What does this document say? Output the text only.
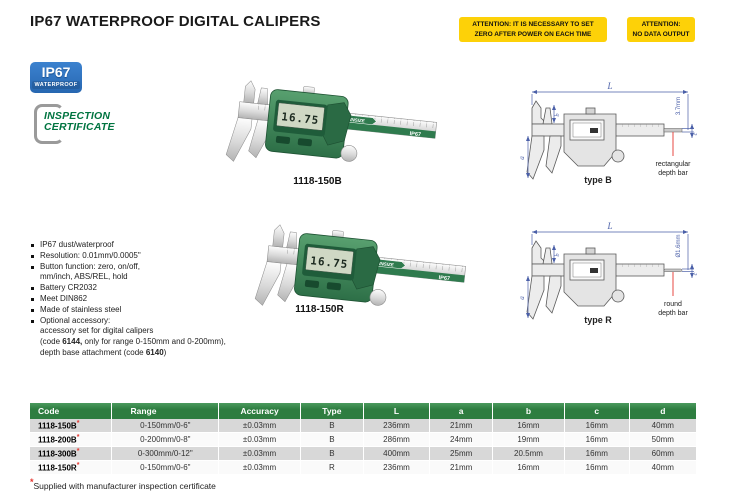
IP67 WATERPROOF DIGITAL CALIPERS	ATTENTION: IT IS NECESSARY TO SET
ZERO AFTER POWER ON EACH TIME
ATTENTION:
NO DATA OUTPUT
IP67
WATERPROOF
INSPECTION
CERTIFICATE
INSIZE
IP67
16.75
1118-150B
L
b
a
c
3.7mm
rectangular
depth bar
type B
IP67 dust/waterproof
Resolution: 0.01mm/0.0005"
Button function: zero, on/off,
mm/inch, ABS/REL, hold
Battery CR2032
Meet DIN862
Made of stainless steel
Optional accessory:
accessory set for digital calipers
(code 6144, only for range 0-150mm and 0-200mm),
depth base attachment (code 6140)
INSIZE
IP67
16.75
1118-150R
L
b
a
c
Ø1.6mm
round
depth bar
type R
Code	Range	Accuracy	Type	L	a	b	c	d
1118-150B*	0-150mm/0-6"	±0.03mm	B	236mm	21mm	16mm	16mm	40mm
1118-200B*	0-200mm/0-8"	±0.03mm	B	286mm	24mm	19mm	16mm	50mm
1118-300B*	0-300mm/0-12"	±0.03mm	B	400mm	25mm	20.5mm	16mm	60mm
1118-150R*	0-150mm/0-6"	±0.03mm	R	236mm	21mm	16mm	16mm	40mm
*Supplied with manufacturer inspection certificate
